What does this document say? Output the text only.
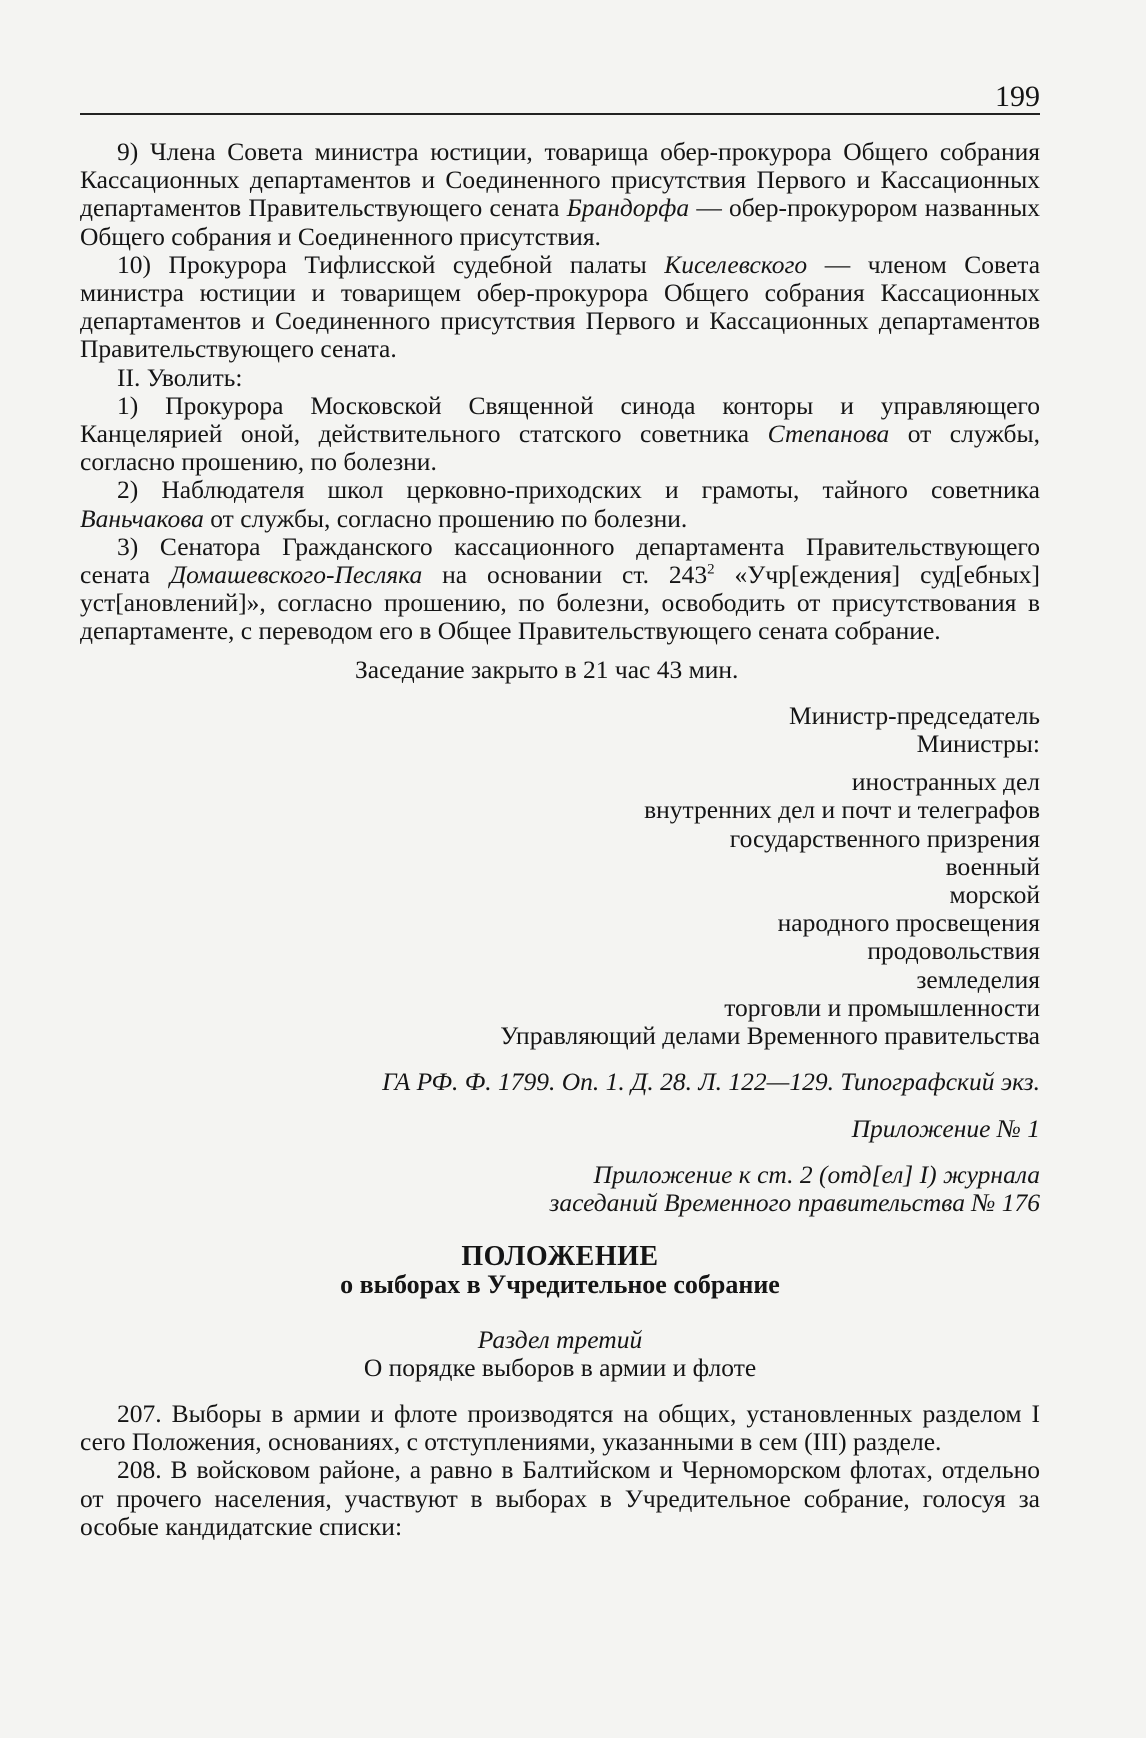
199

9) Члена Совета министра юстиции, товарища обер-прокурора Общего собрания Кассационных департаментов и Соединенного присутствия Первого и Кассационных департаментов Правительствующего сената Брандорфа — обер-прокурором названных Общего собрания и Соединенного присутствия.

10) Прокурора Тифлисской судебной палаты Киселевского — членом Совета министра юстиции и товарищем обер-прокурора Общего собрания Кассационных департаментов и Соединенного присутствия Первого и Кассационных департаментов Правительствующего сената.

II. Уволить:

1) Прокурора Московской Священной синода конторы и управляющего Канцелярией оной, действительного статского советника Степанова от службы, согласно прошению, по болезни.

2) Наблюдателя школ церковно-приходских и грамоты, тайного советника Ваньчакова от службы, согласно прошению по болезни.

3) Сенатора Гражданского кассационного департамента Правительствующего сената Домашевского-Песляка на основании ст. $243^2$ «Учр[еждения] суд[ебных] уст[ановлений]», согласно прошению, по болезни, освободить от присутствования в департаменте, с переводом его в Общее Правительствующего сената собрание.

Заседание закрыто в 21 час 43 мин.

Министр-председатель

Министры:

иностранных дел

внутренних дел и почт и телеграфов

государственного призрения

военный

морской

народного просвещения

продовольствия

земледелия

торговли и промышленности

Управляющий делами Временного правительства

ГА РФ. Ф. 1799. Оп. 1. Д. 28. Л. 122—129. Типографский экз.

Приложение № 1

Приложение к ст. 2 (отд[ел] I) журнала

заседаний Временного правительства № 176

ПОЛОЖЕНИЕ

о выборах в Учредительное собрание

Раздел третий

О порядке выборов в армии и флоте

207. Выборы в армии и флоте производятся на общих, установленных разделом I сего Положения, основаниях, с отступлениями, указанными в сем (III) разделе.

208. В войсковом районе, а равно в Балтийском и Черноморском флотах, отдельно от прочего населения, участвуют в выборах в Учредительное собрание, голосуя за особые кандидатские списки:
